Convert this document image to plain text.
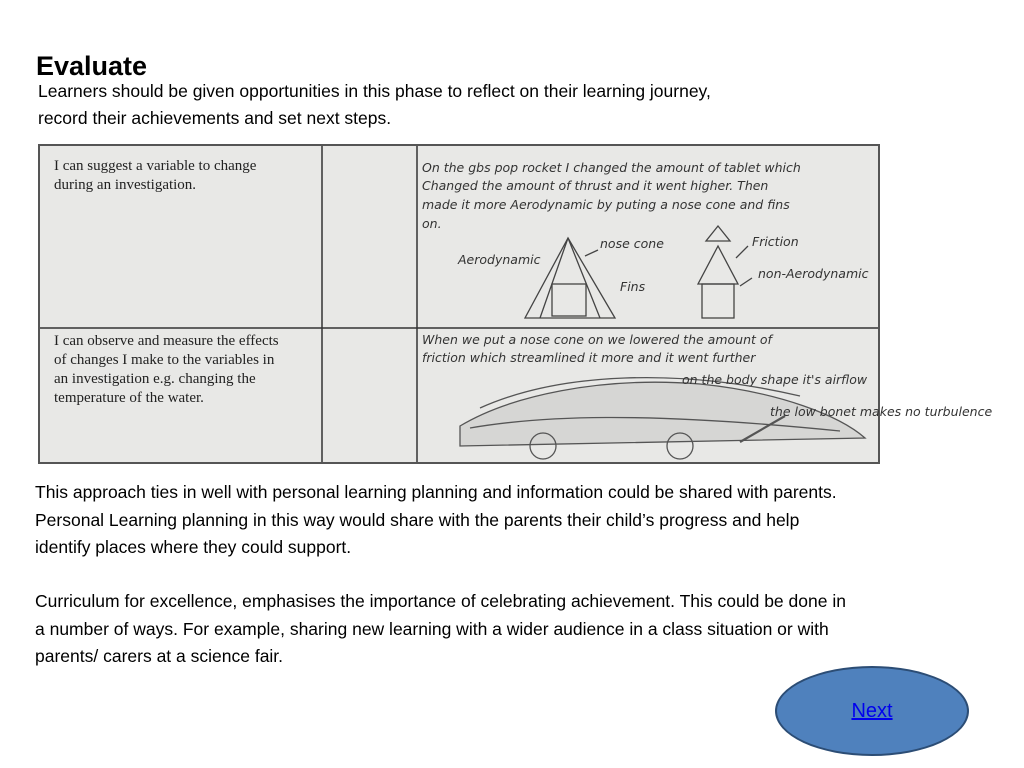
Evaluate

Learners should be given opportunities in this phase to reflect on their learning journey,
record their achievements and set next steps.

I can suggest a variable to change
during an investigation.
On the gbs pop rocket I changed the amount of tablet which
Changed the amount of thrust and it went higher. Then
made it more Aerodynamic by puting a nose cone and fins
on.
Aerodynamic
nose cone
Fins
Friction
non-Aerodynamic
I can observe and measure the effects
of changes I make to the variables in
an investigation e.g. changing the
temperature of the water.
When we put a nose cone on we lowered the amount of
friction which streamlined it more and it went further
on the body shape it's airflow
the low bonet makes no turbulence

This approach ties in well with personal learning planning and information could be shared with parents.
Personal Learning planning in this way would share with the parents their child’s progress and help
identify places where they could support.

Curriculum for excellence, emphasises the importance of celebrating achievement. This could be done in
a number of ways. For example, sharing new learning with a wider audience in a class situation or with
parents/ carers at a science fair.

Next
